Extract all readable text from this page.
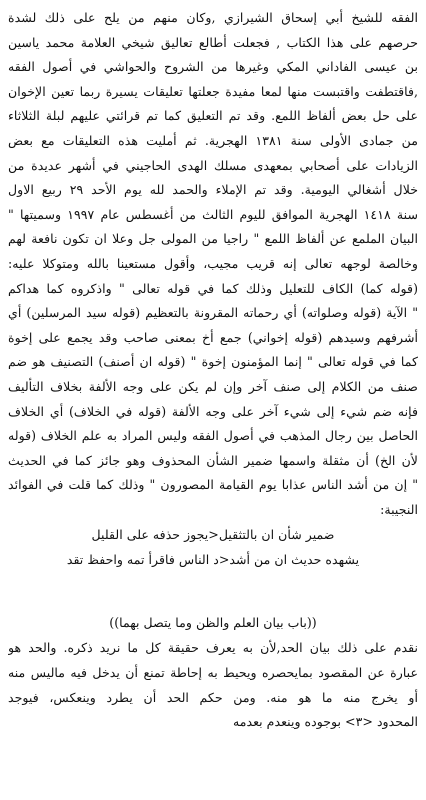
الفقه للشيخ أبي إسحاق الشيرازي ,وكان منهم من يلح على ذلك لشدة
حرصهم على هذا الكتاب , فجعلت أطالع تعاليق شيخي العلامة محمد ياسين
بن عيسى الفاداني المكي وغيرها من الشروح والحواشي في أصول الفقه
,فاقتطفت واقتبست منها لمعا مفيدة جعلتها تعليقات يسيرة ربما تعين الإخوان
على حل بعض ألفاظ اللمع. وقد تم التعليق كما تم قرائتي عليهم لبلة الثلاثاء
من جمادى الأولى سنة ١٣٨١ الهجرية. ثم أمليت هذه التعليقات مع بعض
الزيادات على أصحابي بمعهدى مسلك الهدى الحاجيني في أشهر عديدة من
خلال أشغالي اليومية. وقد تم الإملاء والحمد لله يوم الأحد ٢٩ ربيع الاول
سنة ١٤١٨ الهجرية الموافق لليوم الثالث من أغسطس عام ١٩٩٧ وسميتها "
البيان الملمع عن ألفاظ اللمع " راجيا من المولى جل وعلا ان تكون نافعة لهم
وخالصة لوجهه تعالى إنه قريب مجيب، وأقول مستعينا بالله ومتوكلا عليه:
(قوله كما) الكاف للتعليل وذلك كما في قوله تعالى " واذكروه كما هداكم
" الآية (قوله وصلواته) أي رحماته المقرونة بالتعظيم (قوله سيد المرسلين) أي
أشرفهم وسيدهم (قوله إخواني) جمع أخ بمعنى صاحب وقد يجمع على إخوة
كما في قوله تعالى " إنما المؤمنون إخوة " (قوله ان أصنف) التصنيف هو ضم
صنف من الكلام إلى صنف آخر وإن لم يكن على وجه الألفة بخلاف التأليف
فإنه ضم شيء إلى شيء آخر على وجه الألفة (قوله في الخلاف) أي الخلاف
الحاصل بين رجال المذهب في أصول الفقه وليس المراد به علم الخلاف (قوله
لأن الخ) أن مثقلة واسمها ضمير الشأن المحذوف وهو جائز كما في الحديث
" إن من أشد الناس عذابا يوم القيامة المصورون " وذلك كما قلت في الفوائد
النجيبة:
ضمير شأن ان بالتثقيل<يجوز حذفه على القليل
يشهده حديث ان من أشد<د الناس فاقرأ تمه واحفظ تقد
((باب بيان العلم والظن وما يتصل بهما))
نقدم على ذلك بيان الحد,لأن به يعرف حقيقة كل ما نريد ذكره. والحد هو
عبارة عن المقصود بمايحصره ويحيط به إحاطة تمنع أن يدخل فيه ماليس منه
أو يخرج منه ما هو منه. ومن حكم الحد أن يطرد وينعكس، فيوجد
المحدود <٣> بوجوده وينعدم بعدمه
